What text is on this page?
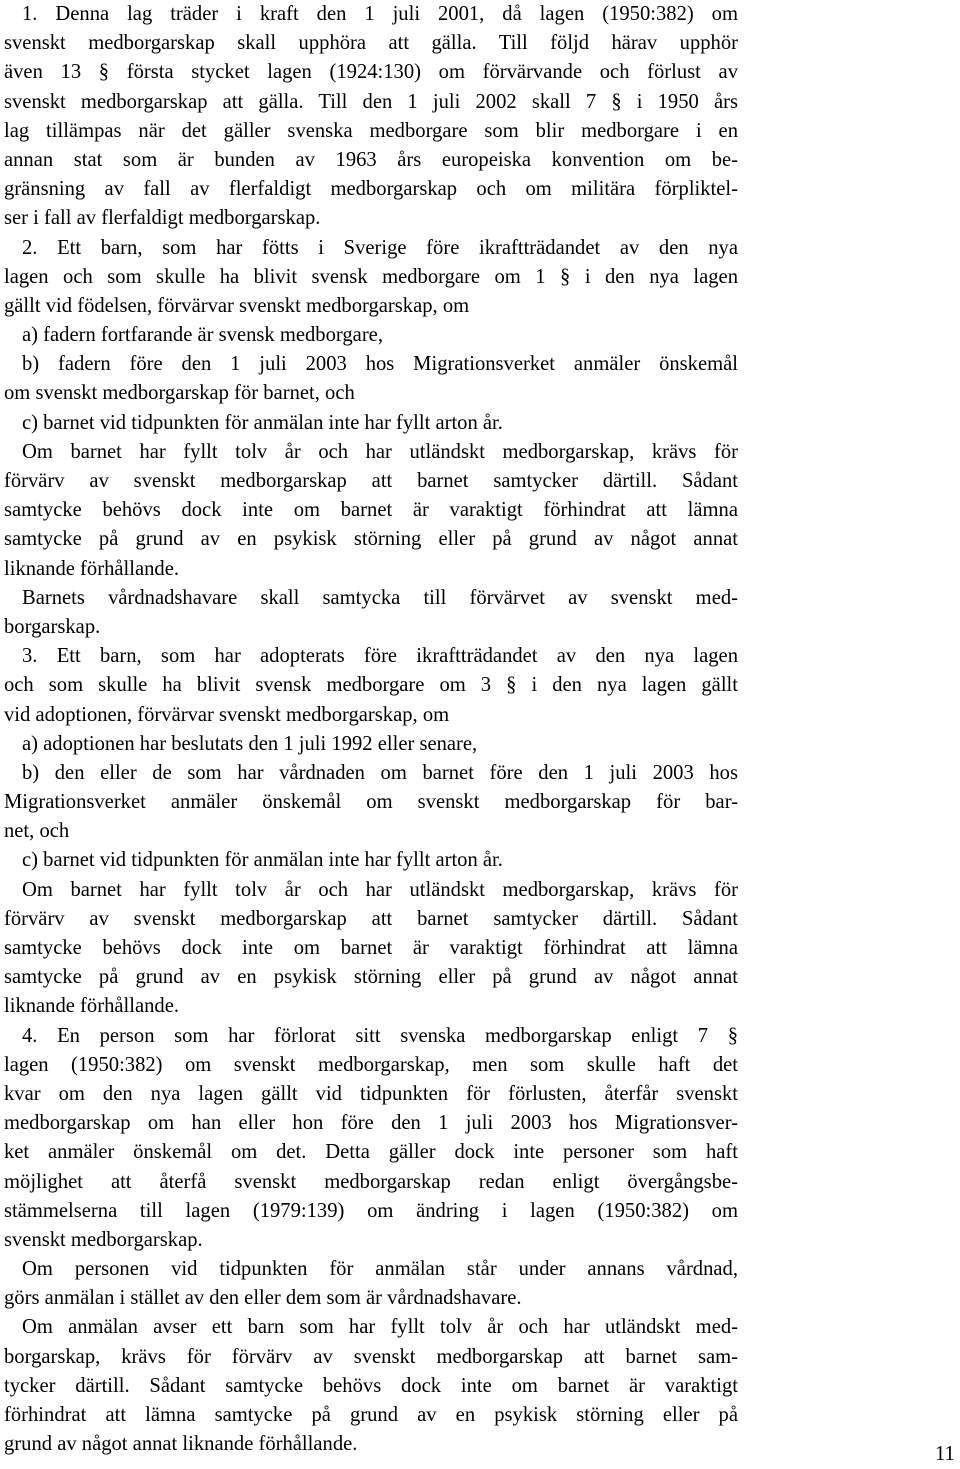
1. Denna lag träder i kraft den 1 juli 2001, då lagen (1950:382) om
svenskt medborgarskap skall upphöra att gälla. Till följd härav upphör
även 13 § första stycket lagen (1924:130) om förvärvande och förlust av
svenskt medborgarskap att gälla. Till den 1 juli 2002 skall 7 § i 1950 års
lag tillämpas när det gäller svenska medborgare som blir medborgare i en
annan stat som är bunden av 1963 års europeiska konvention om be-
gränsning av fall av flerfaldigt medborgarskap och om militära förpliktel-
ser i fall av flerfaldigt medborgarskap.
2. Ett barn, som har fötts i Sverige före ikraftträdandet av den nya
lagen och som skulle ha blivit svensk medborgare om 1 § i den nya lagen
gällt vid födelsen, förvärvar svenskt medborgarskap, om
a) fadern fortfarande är svensk medborgare,
b) fadern före den 1 juli 2003 hos Migrationsverket anmäler önskemål
om svenskt medborgarskap för barnet, och
c) barnet vid tidpunkten för anmälan inte har fyllt arton år.
Om barnet har fyllt tolv år och har utländskt medborgarskap, krävs för
förvärv av svenskt medborgarskap att barnet samtycker därtill. Sådant
samtycke behövs dock inte om barnet är varaktigt förhindrat att lämna
samtycke på grund av en psykisk störning eller på grund av något annat
liknande förhållande.
Barnets vårdnadshavare skall samtycka till förvärvet av svenskt med-
borgarskap.
3. Ett barn, som har adopterats före ikraftträdandet av den nya lagen
och som skulle ha blivit svensk medborgare om 3 § i den nya lagen gällt
vid adoptionen, förvärvar svenskt medborgarskap, om
a) adoptionen har beslutats den 1 juli 1992 eller senare,
b) den eller de som har vårdnaden om barnet före den 1 juli 2003 hos
Migrationsverket anmäler önskemål om svenskt medborgarskap för bar-
net, och
c) barnet vid tidpunkten för anmälan inte har fyllt arton år.
Om barnet har fyllt tolv år och har utländskt medborgarskap, krävs för
förvärv av svenskt medborgarskap att barnet samtycker därtill. Sådant
samtycke behövs dock inte om barnet är varaktigt förhindrat att lämna
samtycke på grund av en psykisk störning eller på grund av något annat
liknande förhållande.
4. En person som har förlorat sitt svenska medborgarskap enligt 7 §
lagen (1950:382) om svenskt medborgarskap, men som skulle haft det
kvar om den nya lagen gällt vid tidpunkten för förlusten, återfår svenskt
medborgarskap om han eller hon före den 1 juli 2003 hos Migrationsver-
ket anmäler önskemål om det. Detta gäller dock inte personer som haft
möjlighet att återfå svenskt medborgarskap redan enligt övergångsbe-
stämmelserna till lagen (1979:139) om ändring i lagen (1950:382) om
svenskt medborgarskap.
Om personen vid tidpunkten för anmälan står under annans vårdnad,
görs anmälan i stället av den eller dem som är vårdnadshavare.
Om anmälan avser ett barn som har fyllt tolv år och har utländskt med-
borgarskap, krävs för förvärv av svenskt medborgarskap att barnet sam-
tycker därtill. Sådant samtycke behövs dock inte om barnet är varaktigt
förhindrat att lämna samtycke på grund av en psykisk störning eller på
grund av något annat liknande förhållande.	11
